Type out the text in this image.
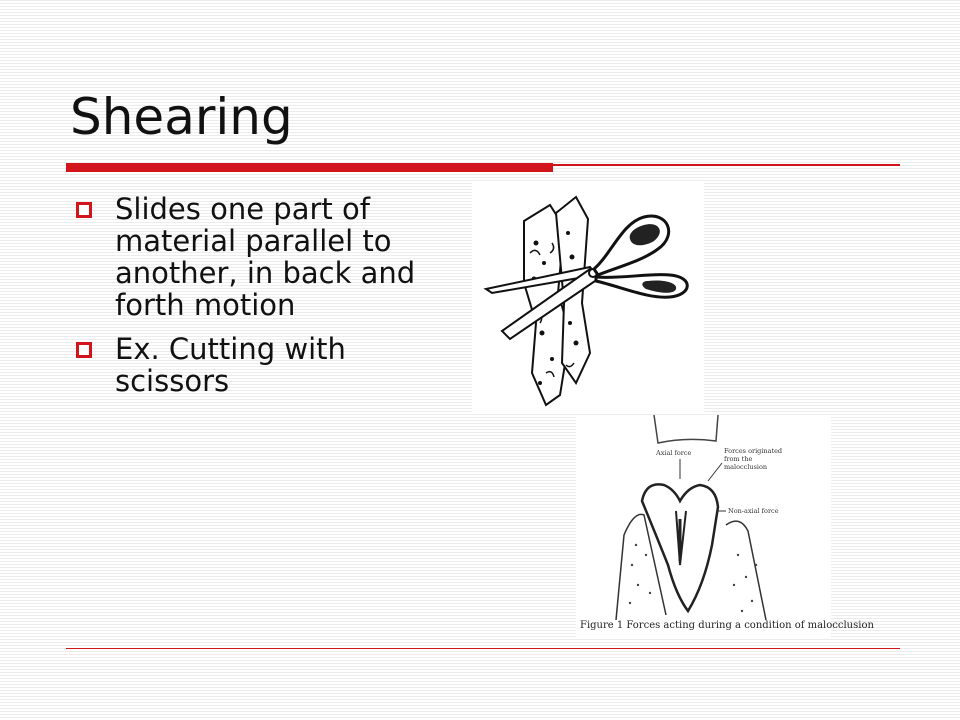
Shearing
Slides one part of material parallel to another, in back and forth motion
Ex. Cutting with scissors
Axial force	Forces originated
from the
malocclusion
Non-axial force
Figure 1 Forces acting during a condition of malocclusion
